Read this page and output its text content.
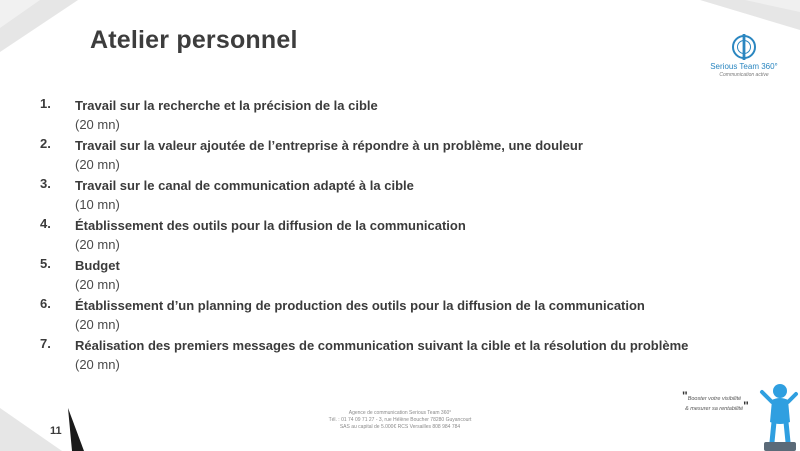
Atelier personnel
Serious Team 360°
Communication active
1.	Travail sur la recherche et la précision de la cible
(20 mn)
2.	Travail sur la valeur ajoutée de l’entreprise à répondre à un problème, une douleur
(20 mn)
3.	Travail sur le canal de communication adapté à la cible
(10 mn)
4.	Établissement des outils pour la diffusion de la communication
(20 mn)
5.	Budget
(20 mn)
6.	Établissement d’un planning de production des outils pour la diffusion de la communication
(20 mn)
7.	Réalisation des premiers messages de communication suivant la cible et la résolution du problème
(20 mn)
11
Agence de communication Serious Team 360°
Tél. : 01 74 09 71 27 - 3, rue Hélène Boucher 78280 Guyancourt
SAS au capital de 5.000€ RCS Versailles 808 984 784
"Booster votre visibilité
& mesurer sa rentabilité"
